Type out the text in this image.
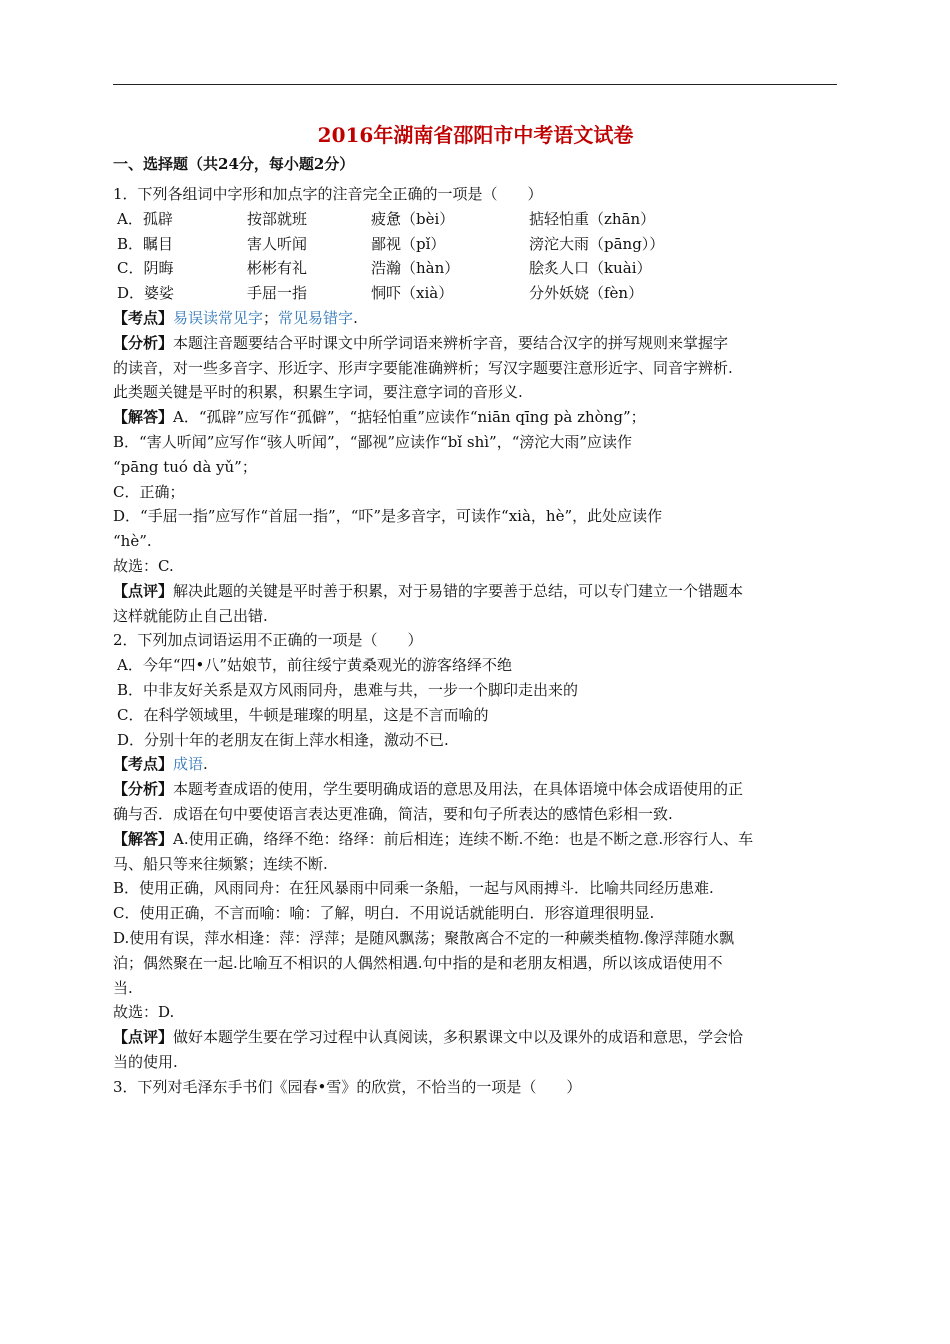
2016年湖南省邵阳市中考语文试卷
一、选择题（共24分，每小题2分）
1．下列各组词中字形和加点字的注音完全正确的一项是（　　）
A．孤辟	按部就班	疲惫（bèi）	掂轻怕重（zhān）
B．瞩目	害人听闻	鄙视（pǐ）	滂沱大雨（pāng））
C．阴晦	彬彬有礼	浩瀚（hàn）	脍炙人口（kuài）
D．婆娑	手屈一指	恫吓（xià）	分外妖娆（fèn）
【考点】易误读常见字；常见易错字.
【分析】本题注音题要结合平时课文中所学词语来辨析字音，要结合汉字的拼写规则来掌握字
的读音，对一些多音字、形近字、形声字要能准确辨析；写汉字题要注意形近字、同音字辨析.
此类题关键是平时的积累，积累生字词，要注意字词的音形义.
【解答】A．“孤辟”应写作“孤僻”，“掂轻怕重”应读作“niān qīng pà zhòng”；
B．“害人听闻”应写作“骇人听闻”，“鄙视”应读作“bǐ shì”，“滂沱大雨”应读作
“pāng tuó dà yǔ”；
C．正确；
D．“手屈一指”应写作“首屈一指”，“吓”是多音字，可读作“xià，hè”，此处应读作
“hè”.
故选：C.
【点评】解决此题的关键是平时善于积累，对于易错的字要善于总结，可以专门建立一个错题本
这样就能防止自己出错.
2．下列加点词语运用不正确的一项是（　　）
A．今年“四•八”姑娘节，前往绥宁黄桑观光的游客络绎不绝
B．中非友好关系是双方风雨同舟，患难与共，一步一个脚印走出来的
C．在科学领域里，牛顿是璀璨的明星，这是不言而喻的
D．分别十年的老朋友在街上萍水相逢，激动不已.
【考点】成语.
【分析】本题考查成语的使用，学生要明确成语的意思及用法，在具体语境中体会成语使用的正
确与否．成语在句中要使语言表达更准确，简洁，要和句子所表达的感情色彩相一致.
【解答】A.使用正确，络绎不绝：络绎：前后相连；连续不断.不绝：也是不断之意.形容行人、车
马、船只等来往频繁；连续不断.
B．使用正确，风雨同舟：在狂风暴雨中同乘一条船，一起与风雨搏斗．比喻共同经历患难.
C．使用正确，不言而喻：喻：了解，明白．不用说话就能明白．形容道理很明显.
D.使用有误，萍水相逢：萍：浮萍；是随风飘荡；聚散离合不定的一种蕨类植物.像浮萍随水飘
泊；偶然聚在一起.比喻互不相识的人偶然相遇.句中指的是和老朋友相遇，所以该成语使用不
当.
故选：D.
【点评】做好本题学生要在学习过程中认真阅读，多积累课文中以及课外的成语和意思，学会恰
当的使用.
3．下列对毛泽东手书们《园春•雪》的欣赏，不恰当的一项是（　　）
